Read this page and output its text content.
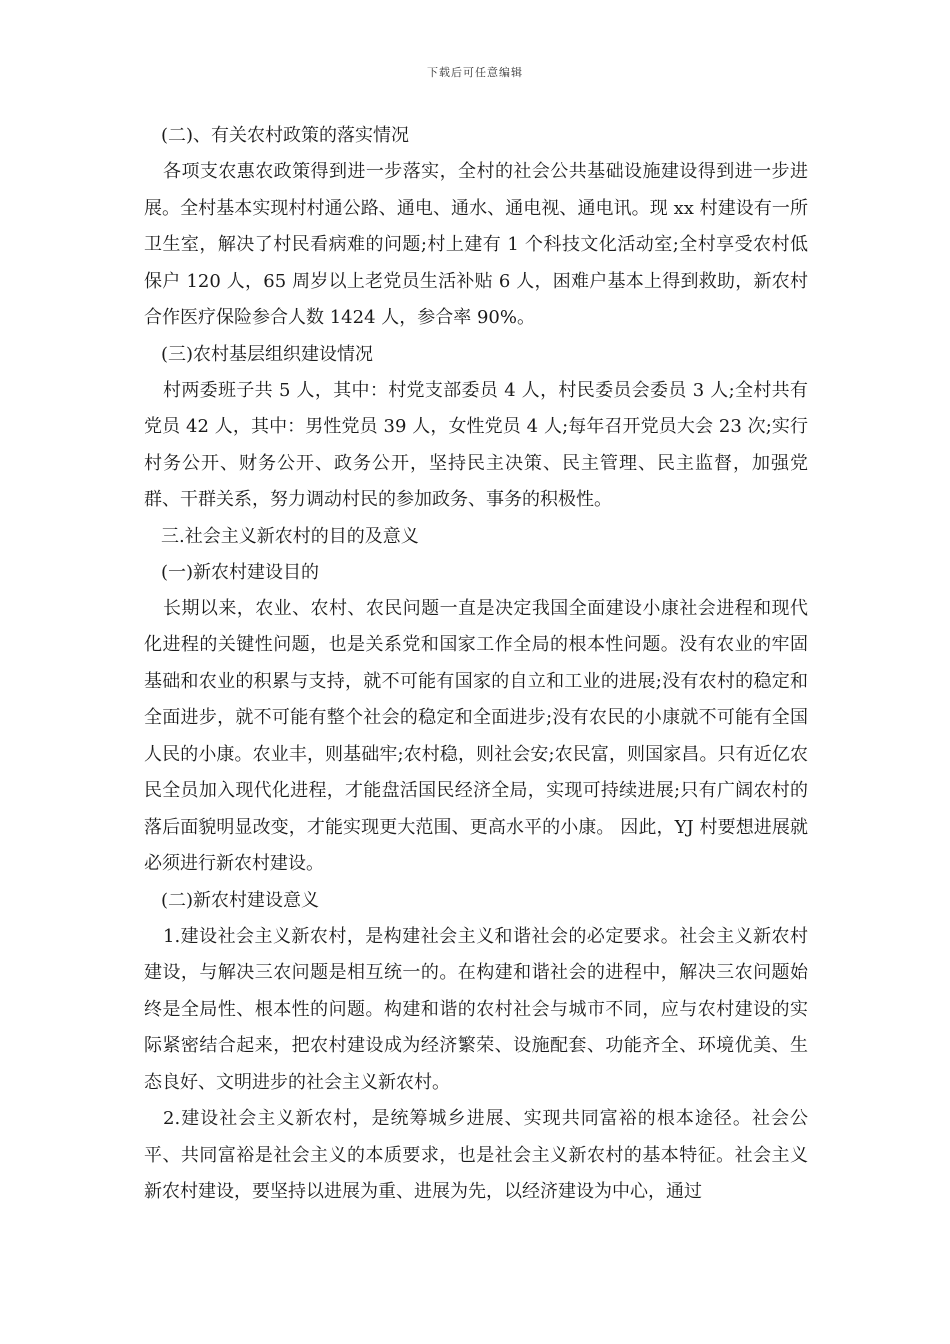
下载后可任意编辑

(二)、有关农村政策的落实情况

各项支农惠农政策得到进一步落实，全村的社会公共基础设施建设得到进一步进展。全村基本实现村村通公路、通电、通水、通电视、通电讯。现 xx 村建设有一所卫生室，解决了村民看病难的问题;村上建有 1 个科技文化活动室;全村享受农村低保户 120 人，65 周岁以上老党员生活补贴 6 人，困难户基本上得到救助，新农村合作医疗保险参合人数 1424 人，参合率 90%。

(三)农村基层组织建设情况

村两委班子共 5 人，其中：村党支部委员 4 人，村民委员会委员 3 人;全村共有党员 42 人，其中：男性党员 39 人，女性党员 4 人;每年召开党员大会 23 次;实行村务公开、财务公开、政务公开，坚持民主决策、民主管理、民主监督，加强党群、干群关系，努力调动村民的参加政务、事务的积极性。

三.社会主义新农村的目的及意义

(一)新农村建设目的

长期以来，农业、农村、农民问题一直是决定我国全面建设小康社会进程和现代化进程的关键性问题，也是关系党和国家工作全局的根本性问题。没有农业的牢固基础和农业的积累与支持，就不可能有国家的自立和工业的进展;没有农村的稳定和全面进步，就不可能有整个社会的稳定和全面进步;没有农民的小康就不可能有全国人民的小康。农业丰，则基础牢;农村稳，则社会安;农民富，则国家昌。只有近亿农民全员加入现代化进程，才能盘活国民经济全局，实现可持续进展;只有广阔农村的落后面貌明显改变，才能实现更大范围、更高水平的小康。 因此，YJ 村要想进展就必须进行新农村建设。

(二)新农村建设意义

1.建设社会主义新农村，是构建社会主义和谐社会的必定要求。社会主义新农村建设，与解决三农问题是相互统一的。在构建和谐社会的进程中，解决三农问题始终是全局性、根本性的问题。构建和谐的农村社会与城市不同，应与农村建设的实际紧密结合起来，把农村建设成为经济繁荣、设施配套、功能齐全、环境优美、生态良好、文明进步的社会主义新农村。

2.建设社会主义新农村，是统筹城乡进展、实现共同富裕的根本途径。社会公平、共同富裕是社会主义的本质要求，也是社会主义新农村的基本特征。社会主义新农村建设，要坚持以进展为重、进展为先，以经济建设为中心，通过
